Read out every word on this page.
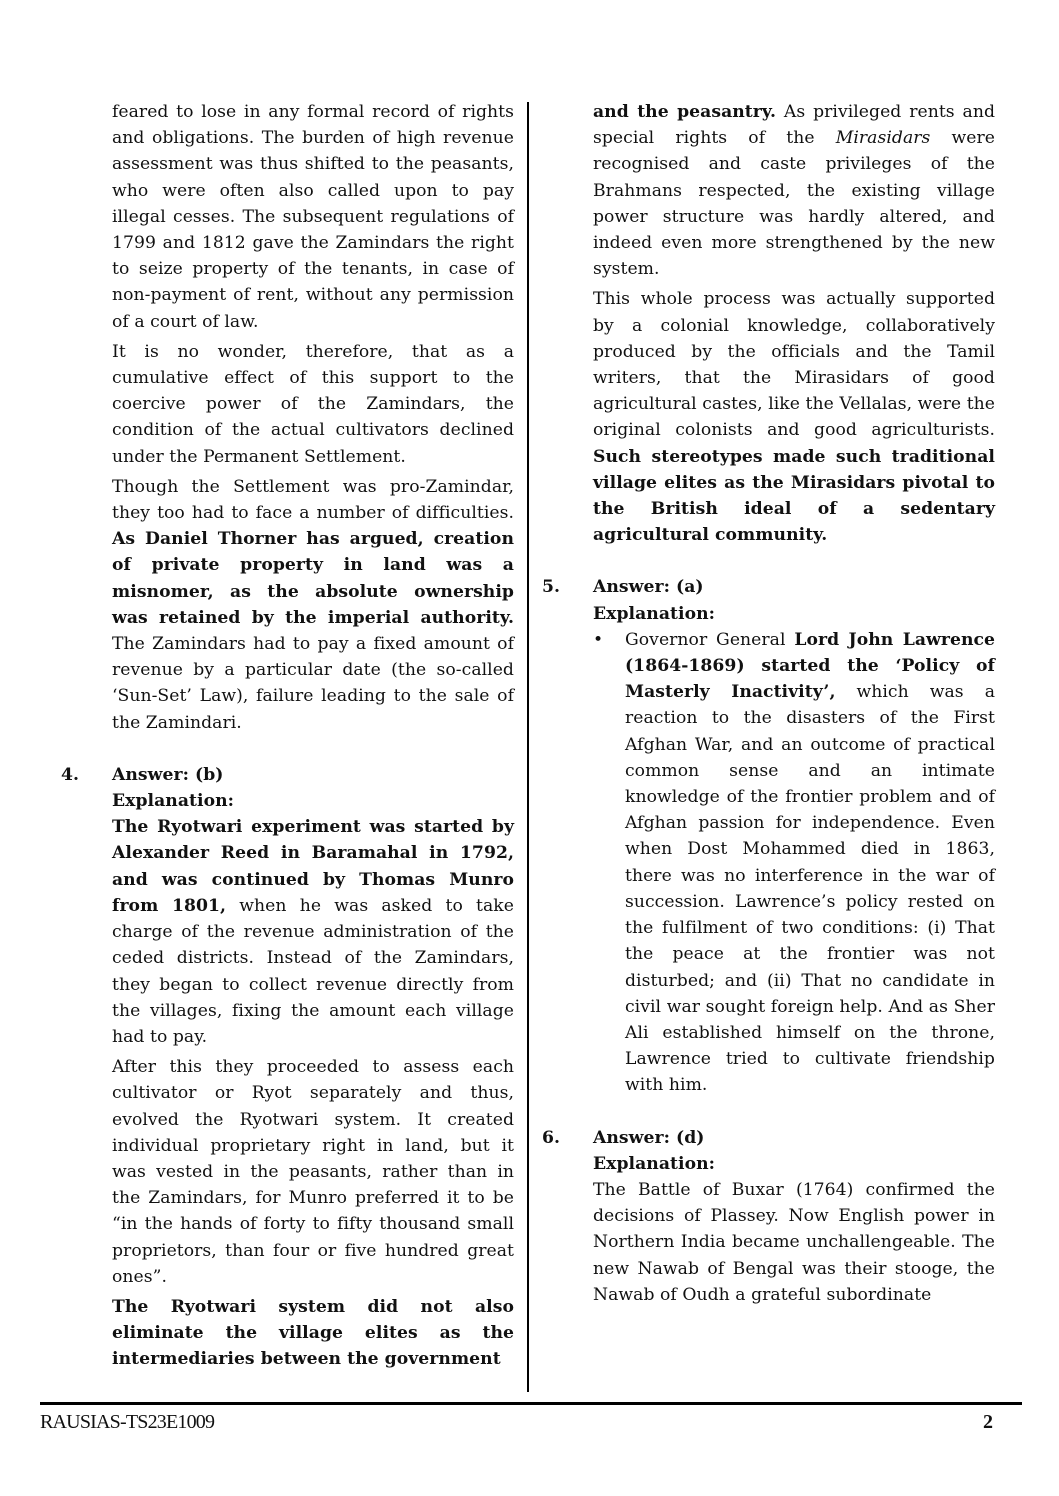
feared to lose in any formal record of rights and obligations. The burden of high revenue assessment was thus shifted to the peasants, who were often also called upon to pay illegal cesses. The subsequent regulations of 1799 and 1812 gave the Zamindars the right to seize property of the tenants, in case of non-payment of rent, without any permission of a court of law.

It is no wonder, therefore, that as a cumulative effect of this support to the coercive power of the Zamindars, the condition of the actual cultivators declined under the Permanent Settlement.

Though the Settlement was pro-Zamindar, they too had to face a number of difficulties. As Daniel Thorner has argued, creation of private property in land was a misnomer, as the absolute ownership was retained by the imperial authority. The Zamindars had to pay a fixed amount of revenue by a particular date (the so-called ‘Sun-Set’ Law), failure leading to the sale of the Zamindari.

4. Answer: (b)

Explanation:

The Ryotwari experiment was started by Alexander Reed in Baramahal in 1792, and was continued by Thomas Munro from 1801, when he was asked to take charge of the revenue administration of the ceded districts. Instead of the Zamindars, they began to collect revenue directly from the villages, fixing the amount each village had to pay.

After this they proceeded to assess each cultivator or Ryot separately and thus, evolved the Ryotwari system. It created individual proprietary right in land, but it was vested in the peasants, rather than in the Zamindars, for Munro preferred it to be “in the hands of forty to fifty thousand small proprietors, than four or five hundred great ones”.

The Ryotwari system did not also eliminate the village elites as the intermediaries between the government

and the peasantry. As privileged rents and special rights of the Mirasidars were recognised and caste privileges of the Brahmans respected, the existing village power structure was hardly altered, and indeed even more strengthened by the new system.

This whole process was actually supported by a colonial knowledge, collaboratively produced by the officials and the Tamil writers, that the Mirasidars of good agricultural castes, like the Vellalas, were the original colonists and good agriculturists. Such stereotypes made such traditional village elites as the Mirasidars pivotal to the British ideal of a sedentary agricultural community.

5. Answer: (a)

Explanation:

• Governor General Lord John Lawrence (1864-1869) started the ‘Policy of Masterly Inactivity’, which was a reaction to the disasters of the First Afghan War, and an outcome of practical common sense and an intimate knowledge of the frontier problem and of Afghan passion for independence. Even when Dost Mohammed died in 1863, there was no interference in the war of succession. Lawrence’s policy rested on the fulfilment of two conditions: (i) That the peace at the frontier was not disturbed; and (ii) That no candidate in civil war sought foreign help. And as Sher Ali established himself on the throne, Lawrence tried to cultivate friendship with him.

6. Answer: (d)

Explanation:

The Battle of Buxar (1764) confirmed the decisions of Plassey. Now English power in Northern India became unchallengeable. The new Nawab of Bengal was their stooge, the Nawab of Oudh a grateful subordinate

RAUSIAS-TS23E1009	2
